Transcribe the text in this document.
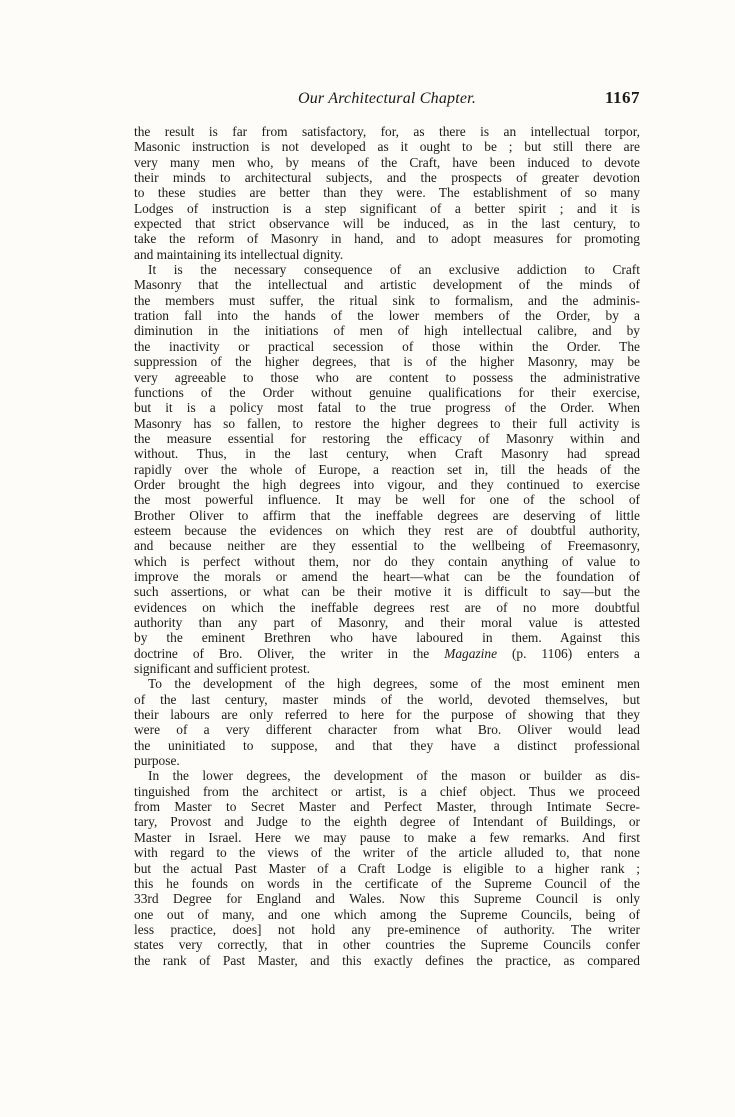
Our Architectural Chapter.	1167
the result is far from satisfactory, for, as there is an intellectual torpor,
Masonic instruction is not developed as it ought to be ; but still there are
very many men who, by means of the Craft, have been induced to devote
their minds to architectural subjects, and the prospects of greater devotion
to these studies are better than they were. The establishment of so many
Lodges of instruction is a step significant of a better spirit ; and it is
expected that strict observance will be induced, as in the last century, to
take the reform of Masonry in hand, and to adopt measures for promoting
and maintaining its intellectual dignity.
It is the necessary consequence of an exclusive addiction to Craft
Masonry that the intellectual and artistic development of the minds of
the members must suffer, the ritual sink to formalism, and the adminis-
tration fall into the hands of the lower members of the Order, by a
diminution in the initiations of men of high intellectual calibre, and by
the inactivity or practical secession of those within the Order. The
suppression of the higher degrees, that is of the higher Masonry, may be
very agreeable to those who are content to possess the administrative
functions of the Order without genuine qualifications for their exercise,
but it is a policy most fatal to the true progress of the Order. When
Masonry has so fallen, to restore the higher degrees to their full activity is
the measure essential for restoring the efficacy of Masonry within and
without. Thus, in the last century, when Craft Masonry had spread
rapidly over the whole of Europe, a reaction set in, till the heads of the
Order brought the high degrees into vigour, and they continued to exercise
the most powerful influence. It may be well for one of the school of
Brother Oliver to affirm that the ineffable degrees are deserving of little
esteem because the evidences on which they rest are of doubtful authority,
and because neither are they essential to the wellbeing of Freemasonry,
which is perfect without them, nor do they contain anything of value to
improve the morals or amend the heart—what can be the foundation of
such assertions, or what can be their motive it is difficult to say—but the
evidences on which the ineffable degrees rest are of no more doubtful
authority than any part of Masonry, and their moral value is attested
by the eminent Brethren who have laboured in them. Against this
doctrine of Bro. Oliver, the writer in the Magazine (p. 1106) enters a
significant and sufficient protest.
To the development of the high degrees, some of the most eminent men
of the last century, master minds of the world, devoted themselves, but
their labours are only referred to here for the purpose of showing that they
were of a very different character from what Bro. Oliver would lead
the uninitiated to suppose, and that they have a distinct professional
purpose.
In the lower degrees, the development of the mason or builder as dis-
tinguished from the architect or artist, is a chief object. Thus we proceed
from Master to Secret Master and Perfect Master, through Intimate Secre-
tary, Provost and Judge to the eighth degree of Intendant of Buildings, or
Master in Israel. Here we may pause to make a few remarks. And first
with regard to the views of the writer of the article alluded to, that none
but the actual Past Master of a Craft Lodge is eligible to a higher rank ;
this he founds on words in the certificate of the Supreme Council of the
33rd Degree for England and Wales. Now this Supreme Council is only
one out of many, and one which among the Supreme Councils, being of
less practice, does] not hold any pre-eminence of authority. The writer
states very correctly, that in other countries the Supreme Councils confer
the rank of Past Master, and this exactly defines the practice, as compared
